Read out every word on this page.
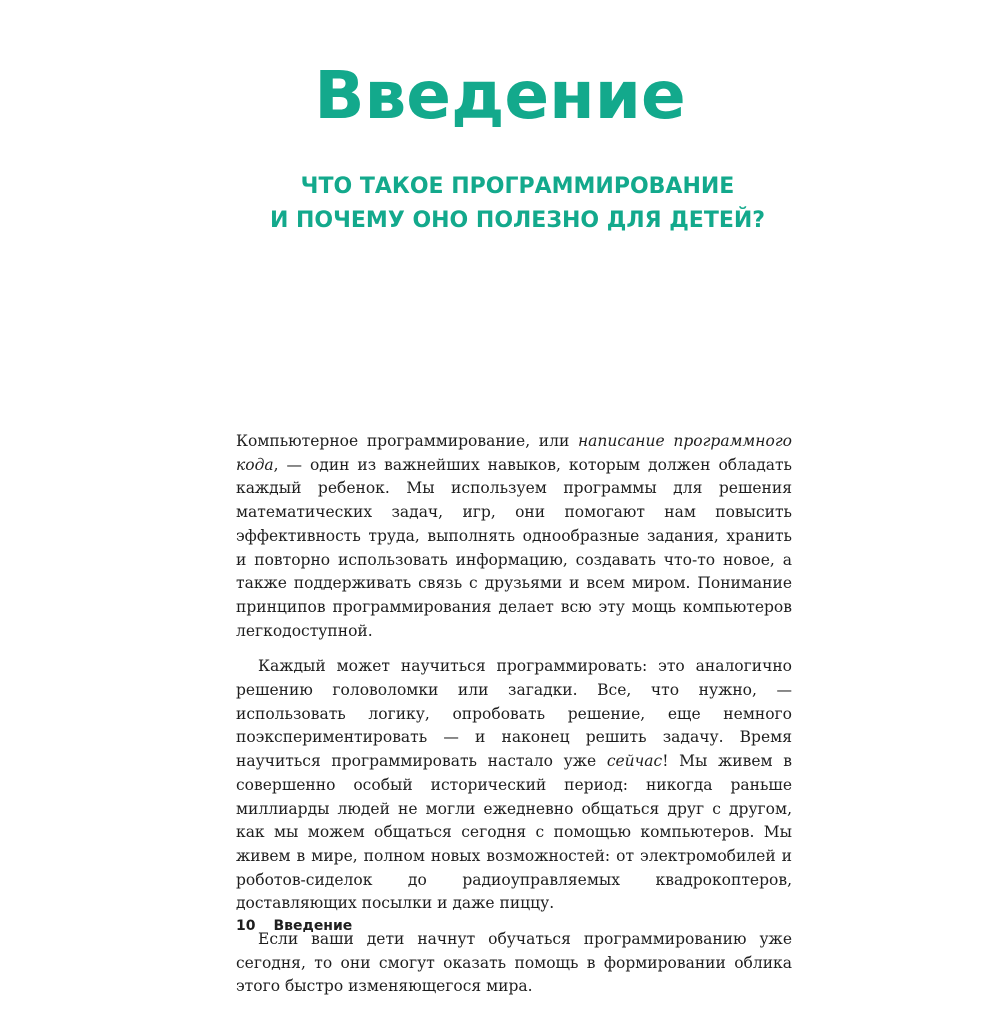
Введение
ЧТО ТАКОЕ ПРОГРАММИРОВАНИЕ
И ПОЧЕМУ ОНО ПОЛЕЗНО ДЛЯ ДЕТЕЙ?

Компьютерное программирование, или написание программного кода, — один из важнейших навыков, которым должен обладать каждый ребенок. Мы используем программы для решения математических задач, игр, они помогают нам повысить эффективность труда, выполнять однообразные задания, хранить и повторно использовать информацию, создавать что-то новое, а также поддерживать связь с друзьями и всем миром. Понимание принципов программирования делает всю эту мощь компьютеров легкодоступной.

Каждый может научиться программировать: это аналогично решению головоломки или загадки. Все, что нужно, — использовать логику, опробовать решение, еще немного поэкспериментировать — и наконец решить задачу. Время научиться программировать настало уже сейчас! Мы живем в совершенно особый исторический период: никогда раньше миллиарды людей не могли ежедневно общаться друг с другом, как мы можем общаться сегодня с помощью компьютеров. Мы живем в мире, полном новых возможностей: от электромобилей и роботов-сиделок до радиоуправляемых квадрокоптеров, доставляющих посылки и даже пиццу.

Если ваши дети начнут обучаться программированию уже сегодня, то они смогут оказать помощь в формировании облика этого быстро изменяющегося мира.

10 Введение
